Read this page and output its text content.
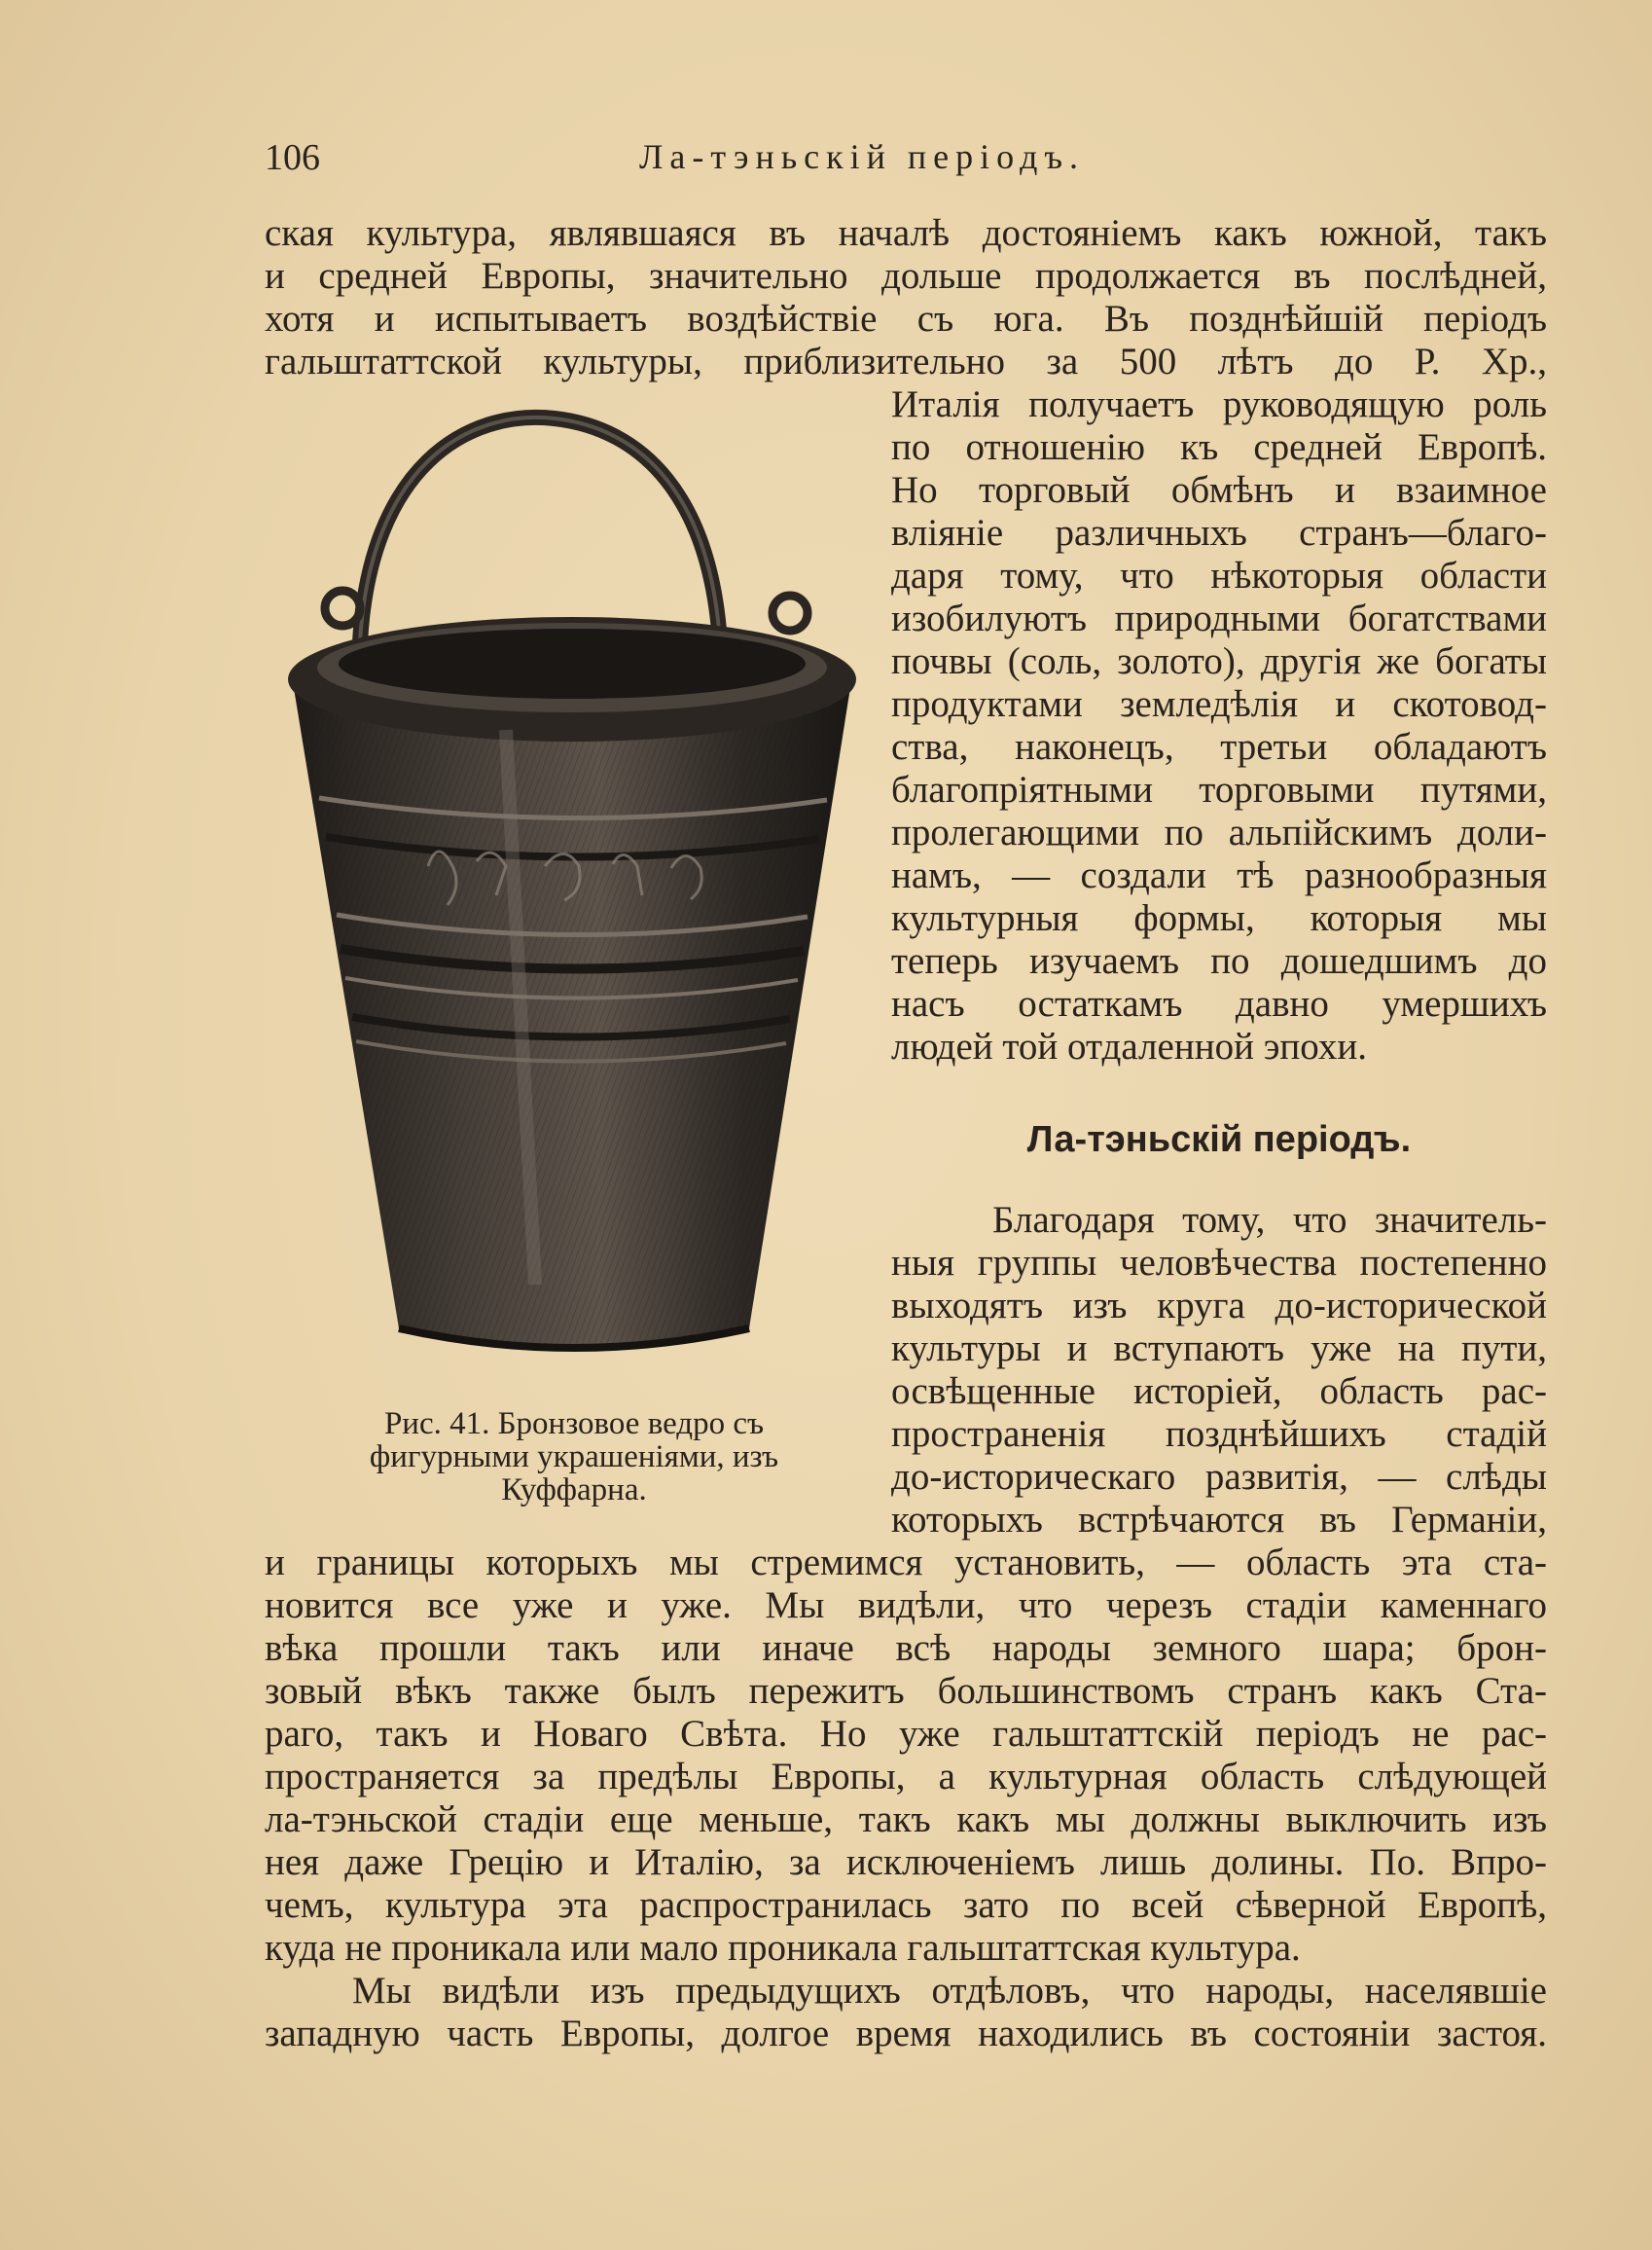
106	Ла-тэньскій періодъ.
ская культура, являвшаяся въ началѣ достояніемъ какъ южной, такъ
и средней Европы, значительно дольше продолжается въ послѣдней,
хотя и испытываетъ воздѣйствіе съ юга. Въ позднѣйшій періодъ
гальштаттской культуры, приблизительно за 500 лѣтъ до Р. Хр.,
Италія получаетъ руководящую роль
по отношенію къ средней Европѣ.
Но торговый обмѣнъ и взаимное
вліяніе различныхъ странъ—благо-
даря тому, что нѣкоторыя области
изобилуютъ природными богатствами
почвы (соль, золото), другія же богаты
продуктами земледѣлія и скотовод-
ства, наконецъ, третьи обладаютъ
благопріятными торговыми путями,
пролегающими по альпійскимъ доли-
намъ, — создали тѣ разнообразныя
культурныя формы, которыя мы
теперь изучаемъ по дошедшимъ до
насъ остаткамъ давно умершихъ
людей той отдаленной эпохи.
Ла-тэньскій періодъ.
Благодаря тому, что значитель-
ныя группы человѣчества постепенно
выходятъ изъ круга до-исторической
культуры и вступаютъ уже на пути,
освѣщенные исторіей, область рас-
пространенія позднѣйшихъ стадій
до-историческаго развитія, — слѣды
которыхъ встрѣчаются въ Германіи,
и границы которыхъ мы стремимся установить, — область эта ста-
новится все уже и уже. Мы видѣли, что черезъ стадіи каменнаго
вѣка прошли такъ или иначе всѣ народы земного шара; брон-
зовый вѣкъ также былъ пережитъ большинствомъ странъ какъ Ста-
раго, такъ и Новаго Свѣта. Но уже гальштаттскій періодъ не рас-
пространяется за предѣлы Европы, а культурная область слѣдующей
ла-тэньской стадіи еще меньше, такъ какъ мы должны выключить изъ
нея даже Грецію и Италію, за исключеніемъ лишь долины. По. Впро-
чемъ, культура эта распространилась зато по всей сѣверной Европѣ,
куда не проникала или мало проникала гальштаттская культура.
Мы видѣли изъ предыдущихъ отдѣловъ, что народы, населявшіе
западную часть Европы, долгое время находились въ состояніи застоя.
Рис. 41. Бронзовое ведро съ
фигурными украшеніями, изъ
Куффарна.
